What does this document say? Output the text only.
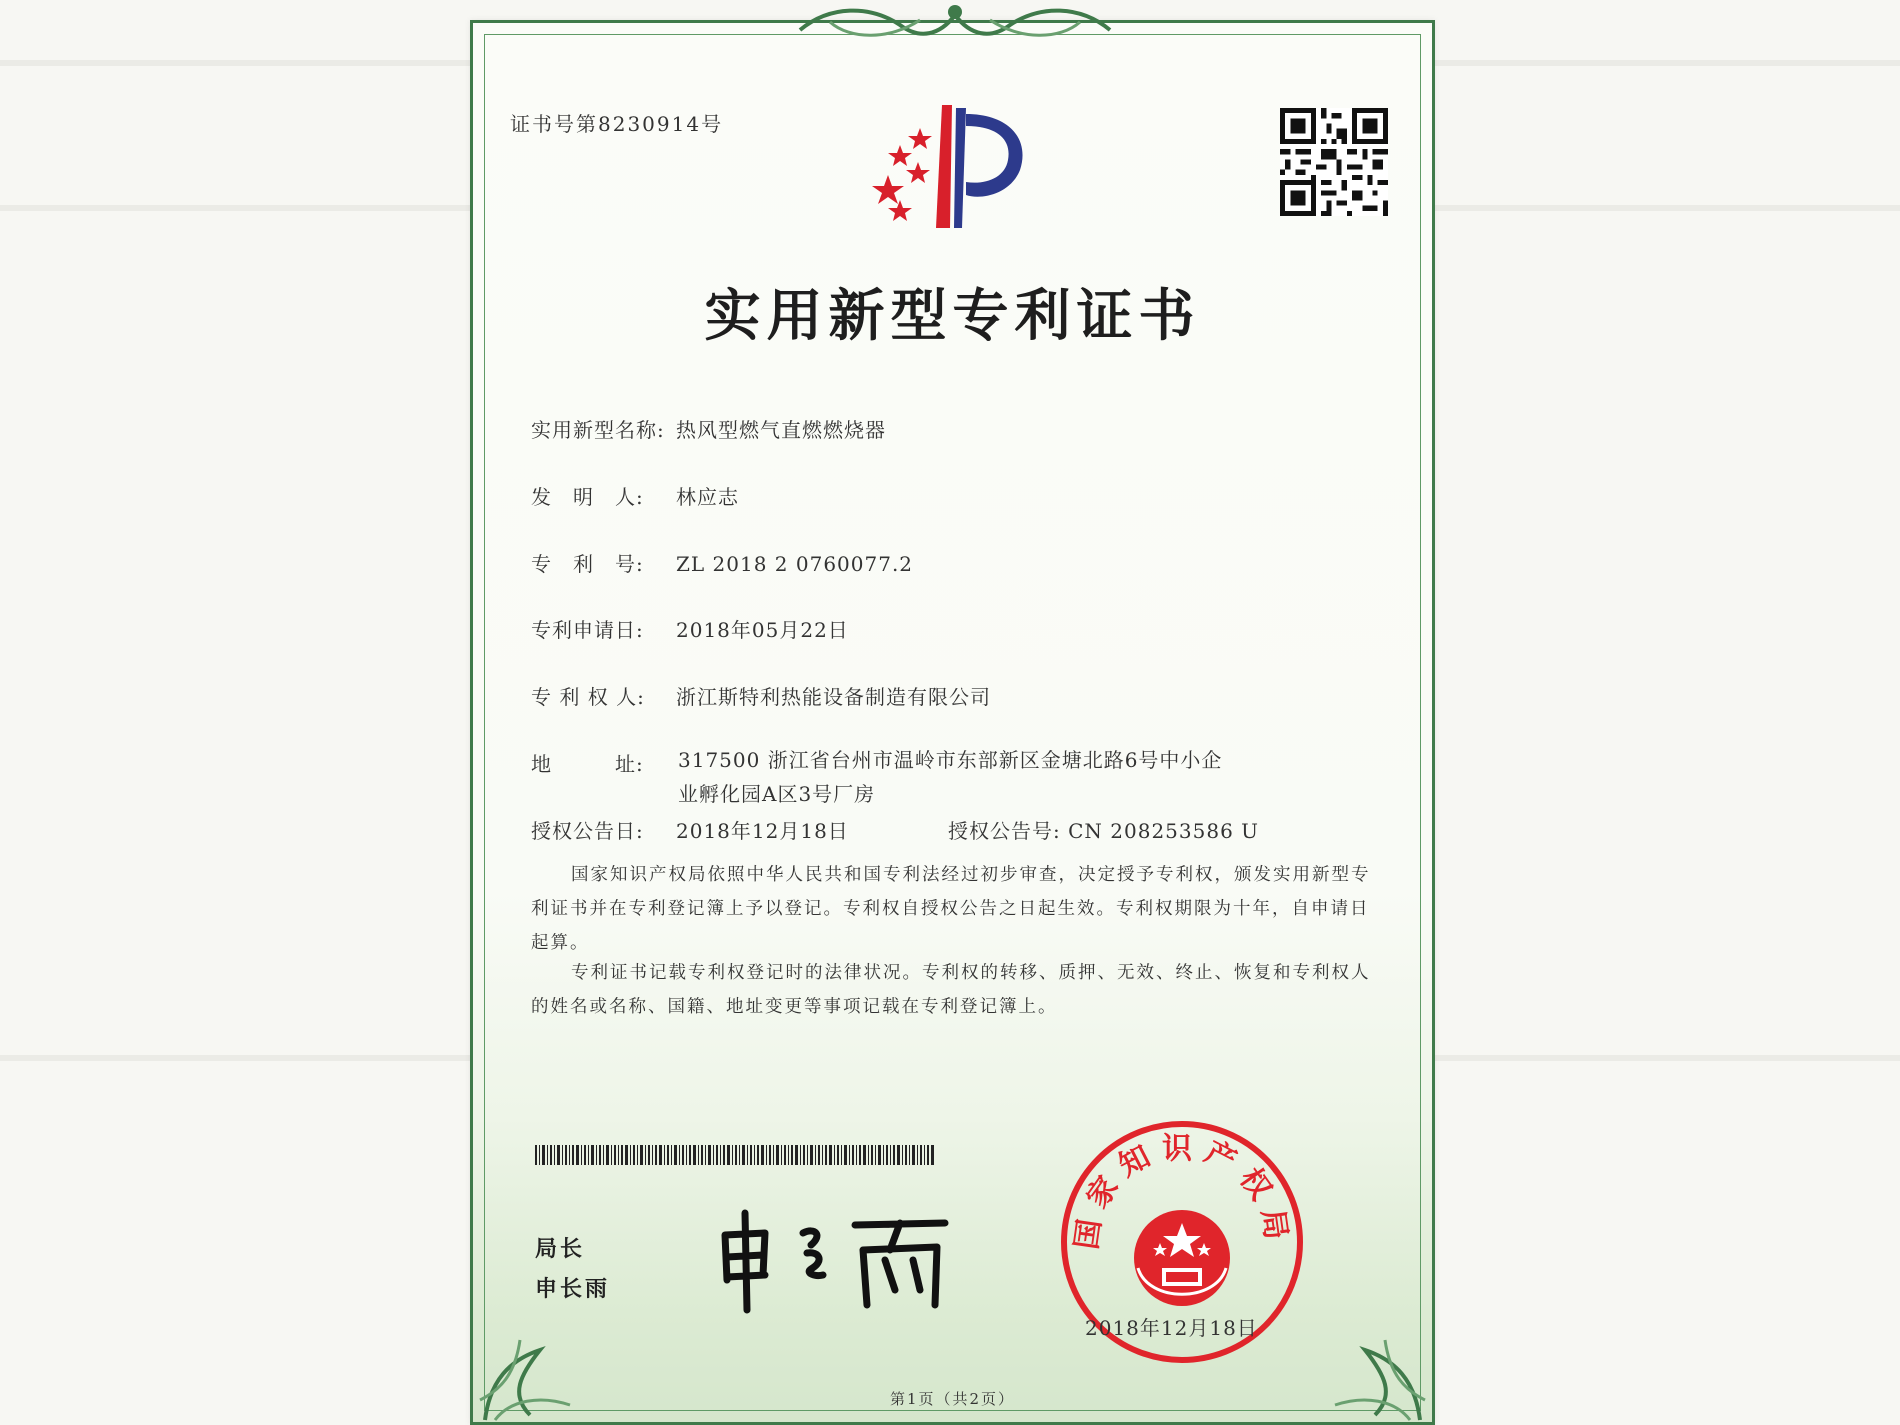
证书号第8230914号
实用新型专利证书
实用新型名称: 热风型燃气直燃燃烧器
发　明　人: 林应志
专　利　号: ZL 2018 2 0760077.2
专利申请日: 2018年05月22日
专 利 权 人: 浙江斯特利热能设备制造有限公司
地　　　址:	317500 浙江省台州市温岭市东部新区金塘北路6号中小企
业孵化园A区3号厂房
授权公告日: 2018年12月18日	授权公告号: CN 208253586 U
国家知识产权局依照中华人民共和国专利法经过初步审查，决定授予专利权，颁发实用新型专利证书并在专利登记簿上予以登记。专利权自授权公告之日起生效。专利权期限为十年，自申请日起算。
专利证书记载专利权登记时的法律状况。专利权的转移、质押、无效、终止、恢复和专利权人的姓名或名称、国籍、地址变更等事项记载在专利登记簿上。
局长
申长雨
国家知识产权局
2018年12月18日
第1页（共2页）
